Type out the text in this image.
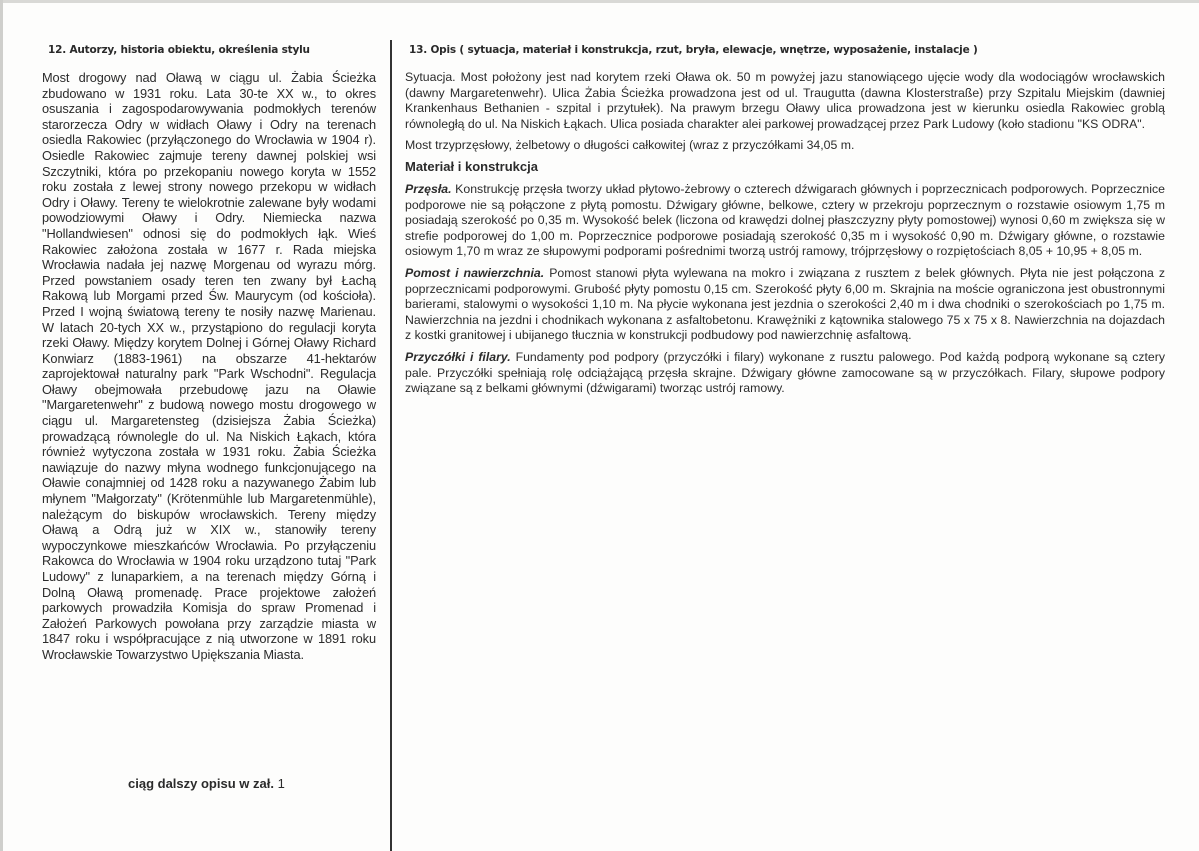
12. Autorzy, historia obiektu, określenia stylu

Most drogowy nad Oławą w ciągu ul. Żabia Ścieżka zbudowano w 1931 roku. Lata 30-te XX w., to okres osuszania i zagospodarowywania podmokłych terenów starorzecza Odry w widłach Oławy i Odry na terenach osiedla Rakowiec (przyłączonego do Wrocławia w 1904 r). Osiedle Rakowiec zajmuje tereny dawnej polskiej wsi Szczytniki, która po przekopaniu nowego koryta w 1552 roku została z lewej strony nowego przekopu w widłach Odry i Oławy. Tereny te wielokrotnie zalewane były wodami powodziowymi Oławy i Odry. Niemiecka nazwa "Hollandwiesen" odnosi się do podmokłych łąk. Wieś Rakowiec założona została w 1677 r. Rada miejska Wrocławia nadała jej nazwę Morgenau od wyrazu mórg. Przed powstaniem osady teren ten zwany był Łachą Rakową lub Morgami przed Św. Maurycym (od kościoła). Przed I wojną światową tereny te nosiły nazwę Marienau. W latach 20-tych XX w., przystąpiono do regulacji koryta rzeki Oławy. Między korytem Dolnej i Górnej Oławy Richard Konwiarz (1883-1961) na obszarze 41-hektarów zaprojektował naturalny park "Park Wschodni". Regulacja Oławy obejmowała przebudowę jazu na Oławie "Margaretenwehr" z budową nowego mostu drogowego w ciągu ul. Margaretensteg (dzisiejsza Żabia Ścieżka) prowadzącą równolegle do ul. Na Niskich Łąkach, która również wytyczona została w 1931 roku. Żabia Ścieżka nawiązuje do nazwy młyna wodnego funkcjonującego na Oławie conajmniej od 1428 roku a nazywanego Żabim lub młynem "Małgorzaty" (Krötenmühle lub Margaretenmühle), należącym do biskupów wrocławskich. Tereny między Oławą a Odrą już w XIX w., stanowiły tereny wypoczynkowe mieszkańców Wrocławia. Po przyłączeniu Rakowca do Wrocławia w 1904 roku urządzono tutaj "Park Ludowy" z lunaparkiem, a na terenach między Górną i Dolną Oławą promenadę. Prace projektowe założeń parkowych prowadziła Komisja do spraw Promenad i Założeń Parkowych powołana przy zarządzie miasta w 1847 roku i współpracujące z nią utworzone w 1891 roku Wrocławskie Towarzystwo Upiększania Miasta.

ciąg dalszy opisu w zał. 1
13. Opis ( sytuacja, materiał i konstrukcja, rzut, bryła, elewacje, wnętrze, wyposażenie, instalacje )

Sytuacja. Most położony jest nad korytem rzeki Oława ok. 50 m powyżej jazu stanowiącego ujęcie wody dla wodociągów wrocławskich (dawny Margaretenwehr). Ulica Żabia Ścieżka prowadzona jest od ul. Traugutta (dawna Klosterstraße) przy Szpitalu Miejskim (dawniej Krankenhaus Bethanien - szpital i przytułek). Na prawym brzegu Oławy ulica prowadzona jest w kierunku osiedla Rakowiec groblą równoległą do ul. Na Niskich Łąkach. Ulica posiada charakter alei parkowej prowadzącej przez Park Ludowy (koło stadionu "KS ODRA".

Most trzyprzęsłowy, żelbetowy o długości całkowitej (wraz z przyczółkami 34,05 m.

Materiał i konstrukcja

Przęsła. Konstrukcję przęsła tworzy układ płytowo-żebrowy o czterech dźwigarach głównych i poprzecznicach podporowych. Poprzecznice podporowe nie są połączone z płytą pomostu. Dźwigary główne, belkowe, cztery w przekroju poprzecznym o rozstawie osiowym 1,75 m posiadają szerokość po 0,35 m. Wysokość belek (liczona od krawędzi dolnej płaszczyzny płyty pomostowej) wynosi 0,60 m zwiększa się w strefie podporowej do 1,00 m. Poprzecznice podporowe posiadają szerokość 0,35 m i wysokość 0,90 m. Dźwigary główne, o rozstawie osiowym 1,70 m wraz ze słupowymi podporami pośrednimi tworzą ustrój ramowy, trójprzęsłowy o rozpiętościach 8,05 + 10,95 + 8,05 m.

Pomost i nawierzchnia. Pomost stanowi płyta wylewana na mokro i związana z rusztem z belek głównych. Płyta nie jest połączona z poprzecznicami podporowymi. Grubość płyty pomostu 0,15 cm. Szerokość płyty 6,00 m. Skrajnia na moście ograniczona jest obustronnymi barierami, stalowymi o wysokości 1,10 m. Na płycie wykonana jest jezdnia o szerokości 2,40 m i dwa chodniki o szerokościach po 1,75 m. Nawierzchnia na jezdni i chodnikach wykonana z asfaltobetonu. Krawężniki z kątownika stalowego 75 x 75 x 8. Nawierzchnia na dojazdach z kostki granitowej i ubijanego tłucznia w konstrukcji podbudowy pod nawierzchnię asfaltową.

Przyczółki i filary. Fundamenty pod podpory (przyczółki i filary) wykonane z rusztu palowego. Pod każdą podporą wykonane są cztery pale. Przyczółki spełniają rolę odciążającą przęsła skrajne. Dźwigary główne zamocowane są w przyczółkach. Filary, słupowe podpory związane są z belkami głównymi (dźwigarami) tworząc ustrój ramowy.
